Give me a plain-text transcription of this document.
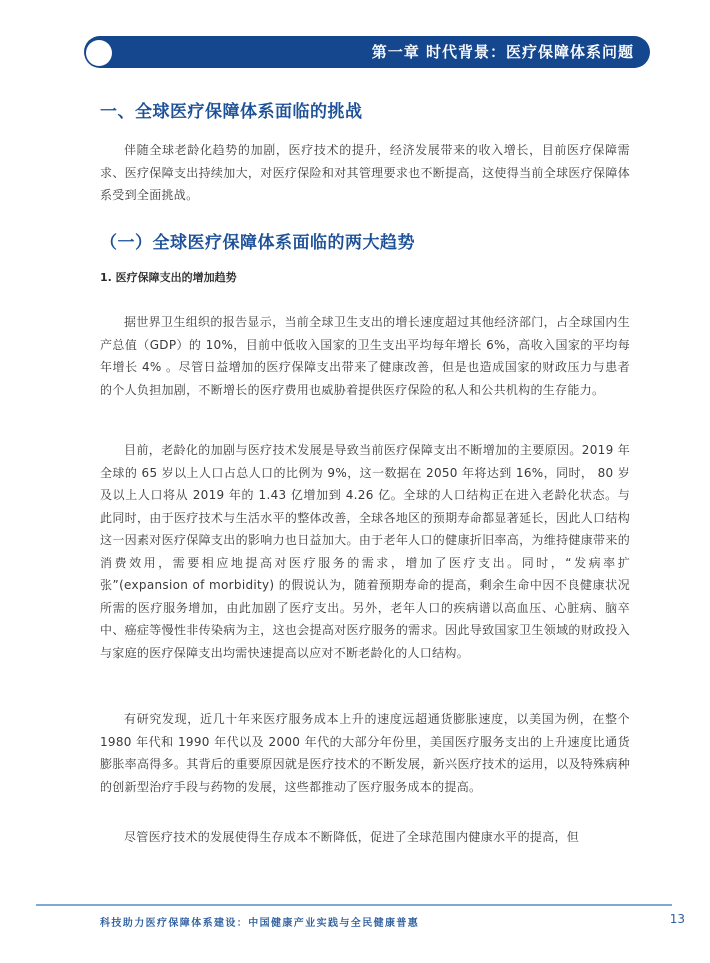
第一章 时代背景：医疗保障体系问题
一、全球医疗保障体系面临的挑战

伴随全球老龄化趋势的加剧，医疗技术的提升，经济发展带来的收入增长，目前医疗保障需求、医疗保障支出持续加大，对医疗保险和对其管理要求也不断提高，这使得当前全球医疗保障体系受到全面挑战。

（一）全球医疗保障体系面临的两大趋势
1. 医疗保障支出的增加趋势

据世界卫生组织的报告显示，当前全球卫生支出的增长速度超过其他经济部门，占全球国内生产总值（GDP）的 10%，目前中低收入国家的卫生支出平均每年增长 6%，高收入国家的平均每年增长 4% 。尽管日益增加的医疗保障支出带来了健康改善，但是也造成国家的财政压力与患者的个人负担加剧，不断增长的医疗费用也威胁着提供医疗保险的私人和公共机构的生存能力。

目前，老龄化的加剧与医疗技术发展是导致当前医疗保障支出不断增加的主要原因。2019 年全球的 65 岁以上人口占总人口的比例为 9%，这一数据在 2050 年将达到 16%，同时， 80 岁及以上人口将从 2019 年的 1.43 亿增加到 4.26 亿。全球的人口结构正在进入老龄化状态。与此同时，由于医疗技术与生活水平的整体改善，全球各地区的预期寿命都显著延长，因此人口结构这一因素对医疗保障支出的影响力也日益加大。由于老年人口的健康折旧率高，为维持健康带来的消费效用，需要相应地提高对医疗服务的需求，增加了医疗支出。同时，“发病率扩张”(expansion of morbidity) 的假说认为，随着预期寿命的提高，剩余生命中因不良健康状况所需的医疗服务增加，由此加剧了医疗支出。另外，老年人口的疾病谱以高血压、心脏病、脑卒中、癌症等慢性非传染病为主，这也会提高对医疗服务的需求。因此导致国家卫生领域的财政投入与家庭的医疗保障支出均需快速提高以应对不断老龄化的人口结构。

有研究发现，近几十年来医疗服务成本上升的速度远超通货膨胀速度，以美国为例，在整个 1980 年代和 1990 年代以及 2000 年代的大部分年份里，美国医疗服务支出的上升速度比通货膨胀率高得多。其背后的重要原因就是医疗技术的不断发展，新兴医疗技术的运用，以及特殊病种的创新型治疗手段与药物的发展，这些都推动了医疗服务成本的提高。

尽管医疗技术的发展使得生存成本不断降低，促进了全球范围内健康水平的提高，但

科技助力医疗保障体系建设：中国健康产业实践与全民健康普惠	13
